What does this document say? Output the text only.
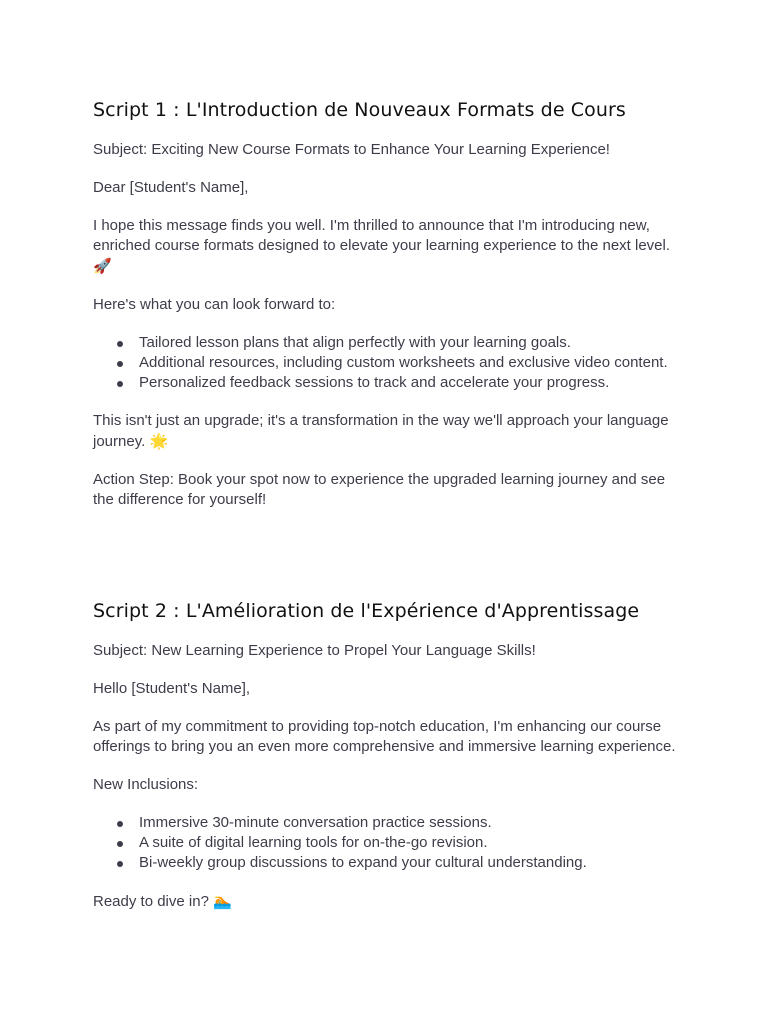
Script 1 : L'Introduction de Nouveaux Formats de Cours

Subject: Exciting New Course Formats to Enhance Your Learning Experience!

Dear [Student's Name],

I hope this message finds you well. I'm thrilled to announce that I'm introducing new, enriched course formats designed to elevate your learning experience to the next level. 🚀

Here's what you can look forward to:

Tailored lesson plans that align perfectly with your learning goals.
Additional resources, including custom worksheets and exclusive video content.
Personalized feedback sessions to track and accelerate your progress.

This isn't just an upgrade; it's a transformation in the way we'll approach your language journey. 🌟

Action Step: Book your spot now to experience the upgraded learning journey and see the difference for yourself!

Script 2 : L'Amélioration de l'Expérience d'Apprentissage

Subject: New Learning Experience to Propel Your Language Skills!

Hello [Student's Name],

As part of my commitment to providing top-notch education, I'm enhancing our course offerings to bring you an even more comprehensive and immersive learning experience.

New Inclusions:

Immersive 30-minute conversation practice sessions.
A suite of digital learning tools for on-the-go revision.
Bi-weekly group discussions to expand your cultural understanding.

Ready to dive in? 🏊
